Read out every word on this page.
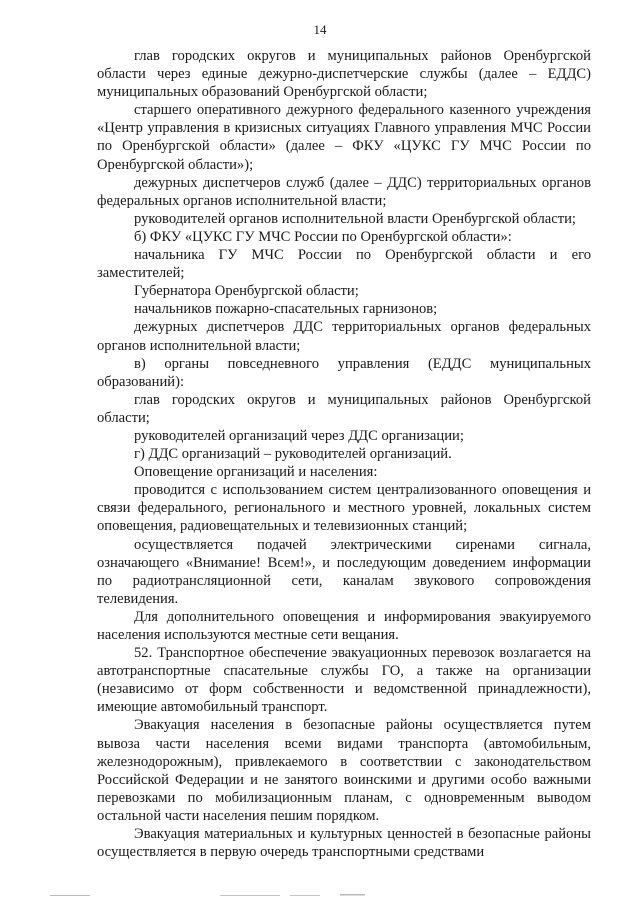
14

глав городских округов и муниципальных районов Оренбургской области через единые дежурно-диспетчерские службы (далее – ЕДДС) муниципальных образований Оренбургской области;

старшего оперативного дежурного федерального казенного учреждения «Центр управления в кризисных ситуациях Главного управления МЧС России по Оренбургской области» (далее – ФКУ «ЦУКС ГУ МЧС России по Оренбургской области»);

дежурных диспетчеров служб (далее – ДДС) территориальных органов федеральных органов исполнительной власти;

руководителей органов исполнительной власти Оренбургской области;

б) ФКУ «ЦУКС ГУ МЧС России по Оренбургской области»:

начальника ГУ МЧС России по Оренбургской области и его заместителей;

Губернатора Оренбургской области;

начальников пожарно-спасательных гарнизонов;

дежурных диспетчеров ДДС территориальных органов федеральных органов исполнительной власти;

в) органы повседневного управления (ЕДДС муниципальных образований):

глав городских округов и муниципальных районов Оренбургской области;

руководителей организаций через ДДС организации;

г) ДДС организаций – руководителей организаций.

Оповещение организаций и населения:

проводится с использованием систем централизованного оповещения и связи федерального, регионального и местного уровней, локальных систем оповещения, радиовещательных и телевизионных станций;

осуществляется подачей электрическими сиренами сигнала, означающего «Внимание! Всем!», и последующим доведением информации по радиотрансляционной сети, каналам звукового сопровождения телевидения.

Для дополнительного оповещения и информирования эвакуируемого населения используются местные сети вещания.

52. Транспортное обеспечение эвакуационных перевозок возлагается на автотранспортные спасательные службы ГО, а также на организации (независимо от форм собственности и ведомственной принадлежности), имеющие автомобильный транспорт.

Эвакуация населения в безопасные районы осуществляется путем вывоза части населения всеми видами транспорта (автомобильным, железнодорожным), привлекаемого в соответствии с законодательством Российской Федерации и не занятого воинскими и другими особо важными перевозками по мобилизационным планам, с одновременным выводом остальной части населения пешим порядком.

Эвакуация материальных и культурных ценностей в безопасные районы осуществляется в первую очередь транспортными средствами
